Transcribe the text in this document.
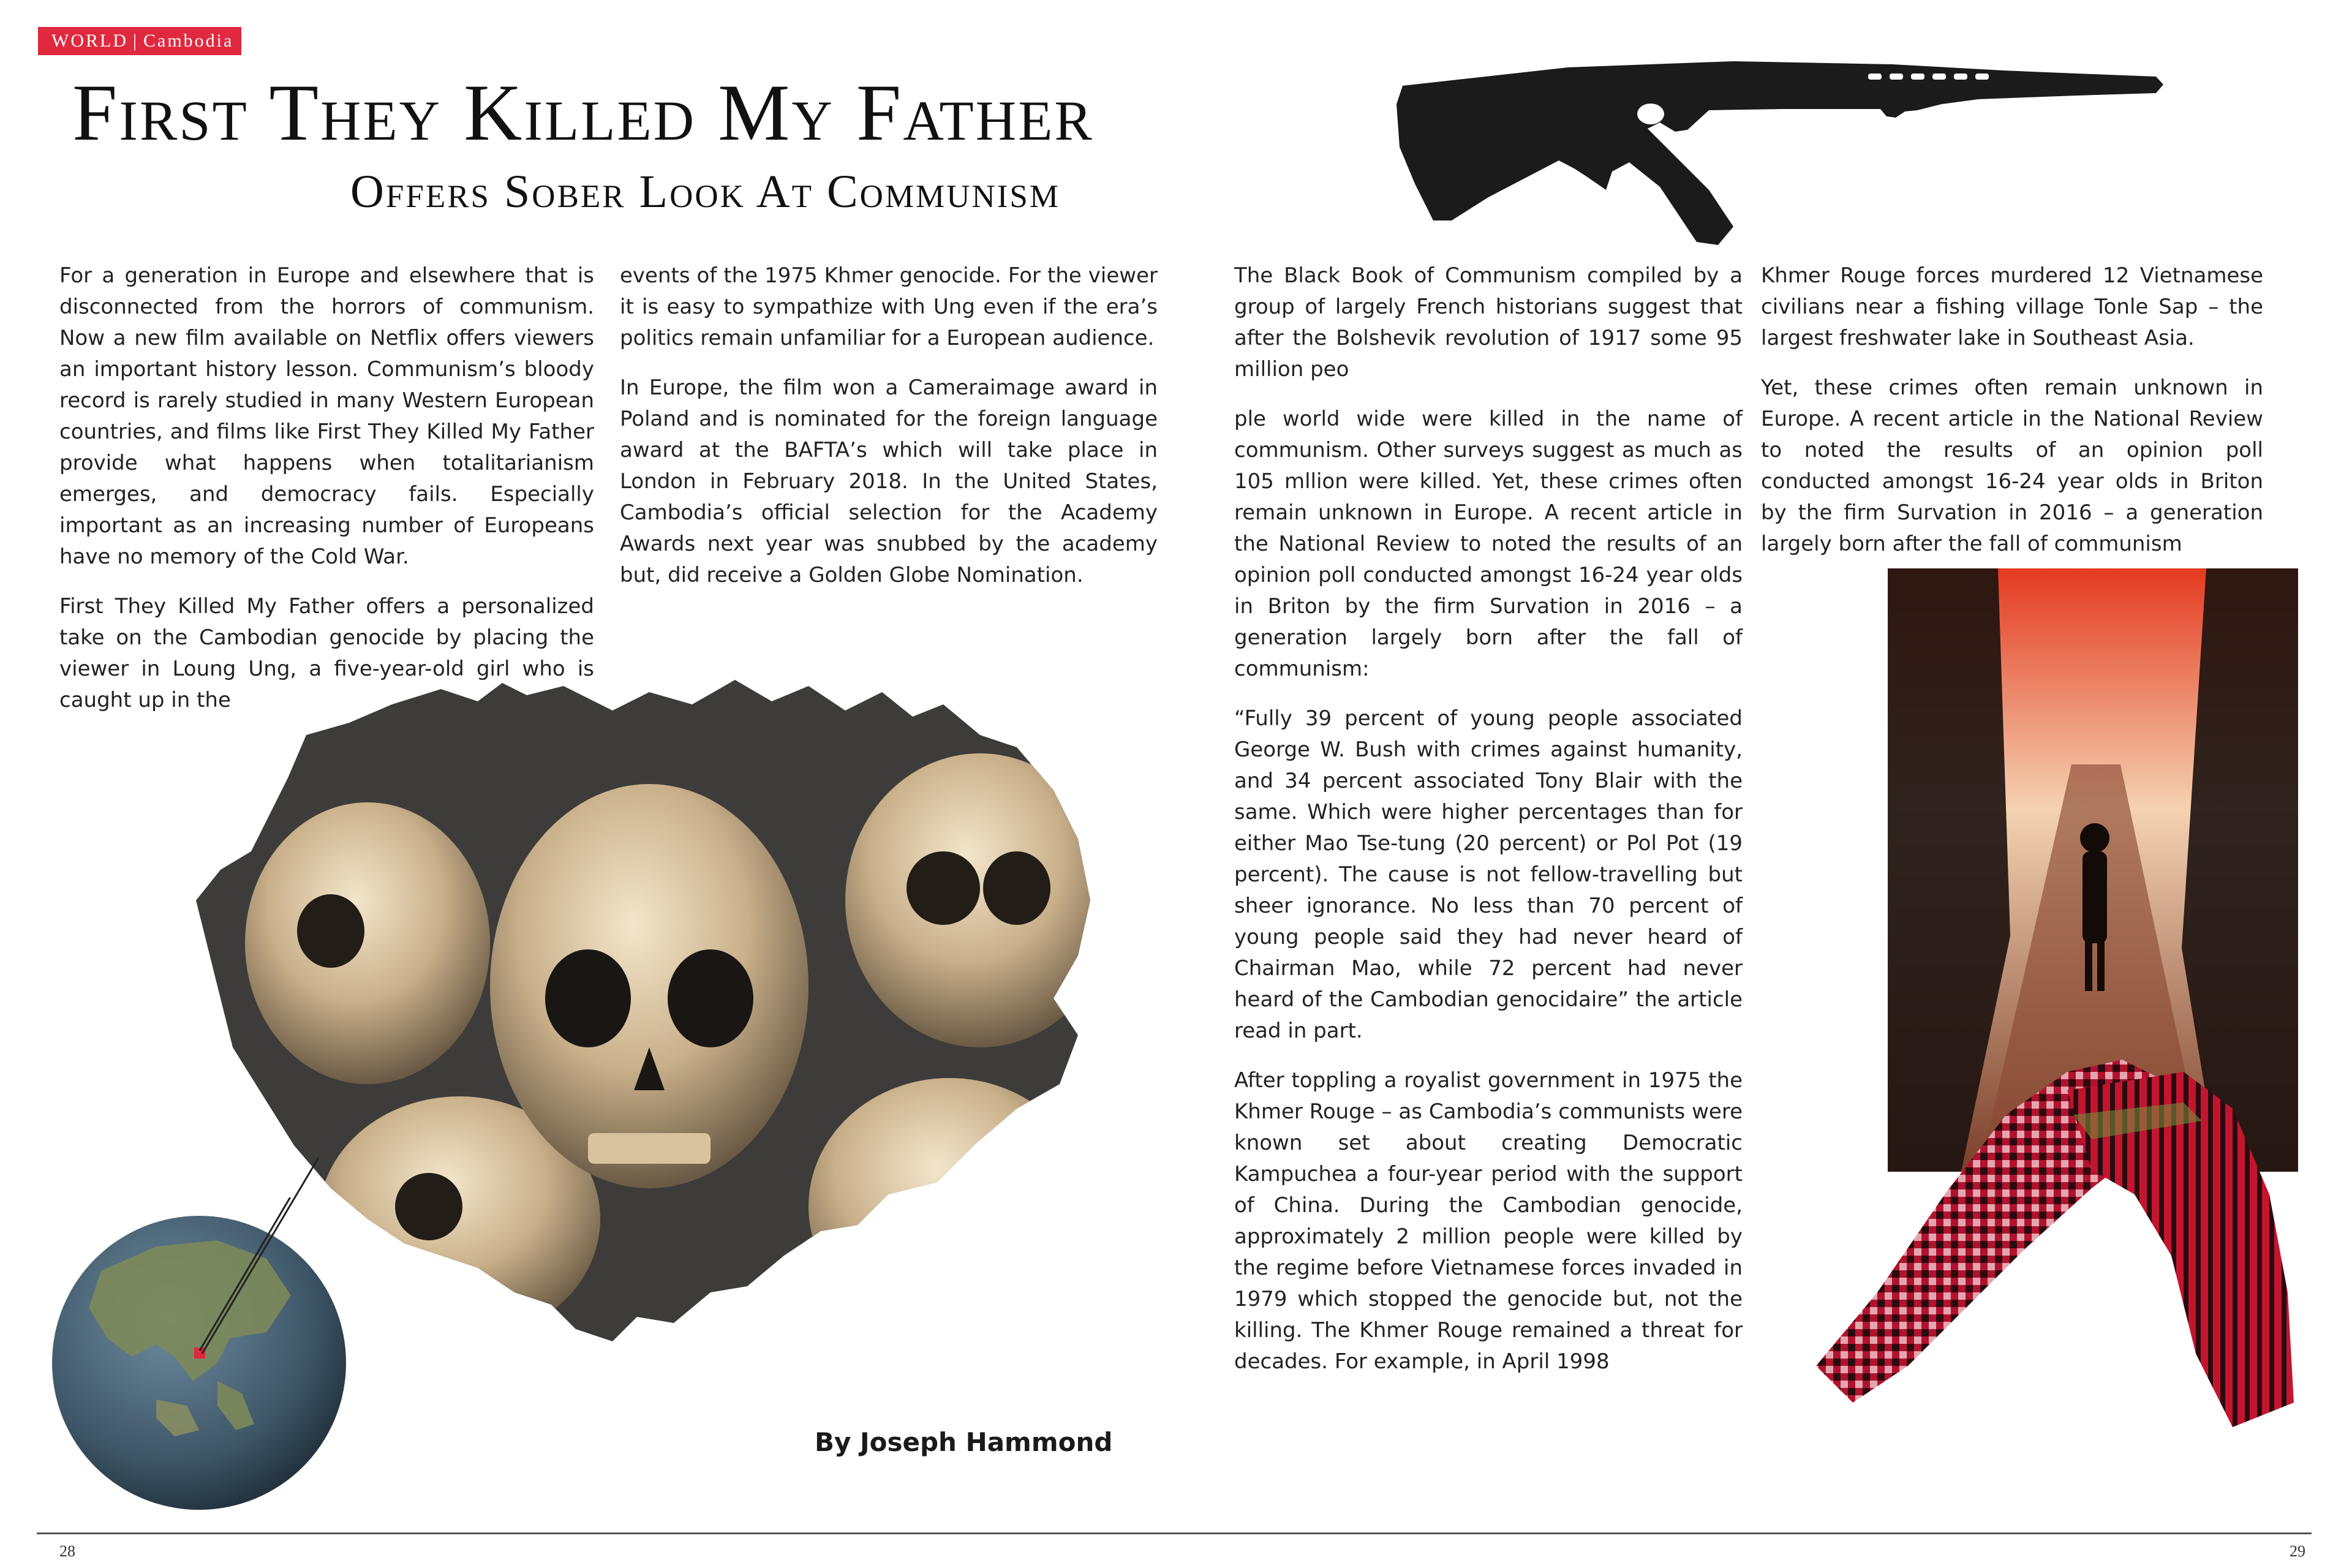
WORLD | Cambodia
First They Killed My Father
Offers Sober Look At Communism

For a generation in Europe and elsewhere that is disconnected from the horrors of communism. Now a new film available on Netflix offers viewers an important history lesson. Communism’s bloody record is rarely studied in many Western European countries, and films like First They Killed My Father provide what happens when totalitarianism emerges, and democracy fails. Especially important as an increasing number of Europeans have no memory of the Cold War.

First They Killed My Father offers a personalized take on the Cambodian genocide by placing the viewer in Loung Ung, a five-year-old girl who is caught up in the

events of the 1975 Khmer genocide. For the viewer it is easy to sympathize with Ung even if the era’s politics remain unfamiliar for a European audience.

In Europe, the film won a Cameraimage award in Poland and is nominated for the foreign language award at the BAFTA’s which will take place in London in February 2018. In the United States, Cambodia’s official selection for the Academy Awards next year was snubbed by the academy but, did receive a Golden Globe Nomination.

The Black Book of Communism compiled by a group of largely French historians suggest that after the Bolshevik revolution of 1917 some 95 million peo

ple world wide were killed in the name of communism. Other surveys suggest as much as 105 mllion were killed. Yet, these crimes often remain unknown in Europe. A recent article in the National Review to noted the results of an opinion poll conducted amongst 16-24 year olds in Briton by the firm Survation in 2016 – a generation largely born after the fall of communism:

“Fully 39 percent of young people associated George W. Bush with crimes against humanity, and 34 percent associated Tony Blair with the same. Which were higher percentages than for either Mao Tse-tung (20 percent) or Pol Pot (19 percent). The cause is not fellow-travelling but sheer ignorance. No less than 70 percent of young people said they had never heard of Chairman Mao, while 72 percent had never heard of the Cambodian genocidaire” the article read in part.

After toppling a royalist government in 1975 the Khmer Rouge – as Cambodia’s communists were known set about creating Democratic Kampuchea a four-year period with the support of China. During the Cambodian genocide, approximately 2 million people were killed by the regime before Vietnamese forces invaded in 1979 which stopped the genocide but, not the killing. The Khmer Rouge remained a threat for decades. For example, in April 1998

Khmer Rouge forces murdered 12 Vietnamese civilians near a fishing village Tonle Sap – the largest freshwater lake in Southeast Asia.

Yet, these crimes often remain unknown in Europe. A recent article in the National Review to noted the results of an opinion poll conducted amongst 16-24 year olds in Briton by the firm Survation in 2016 – a generation largely born after the fall of communism

By Joseph Hammond
28	29
